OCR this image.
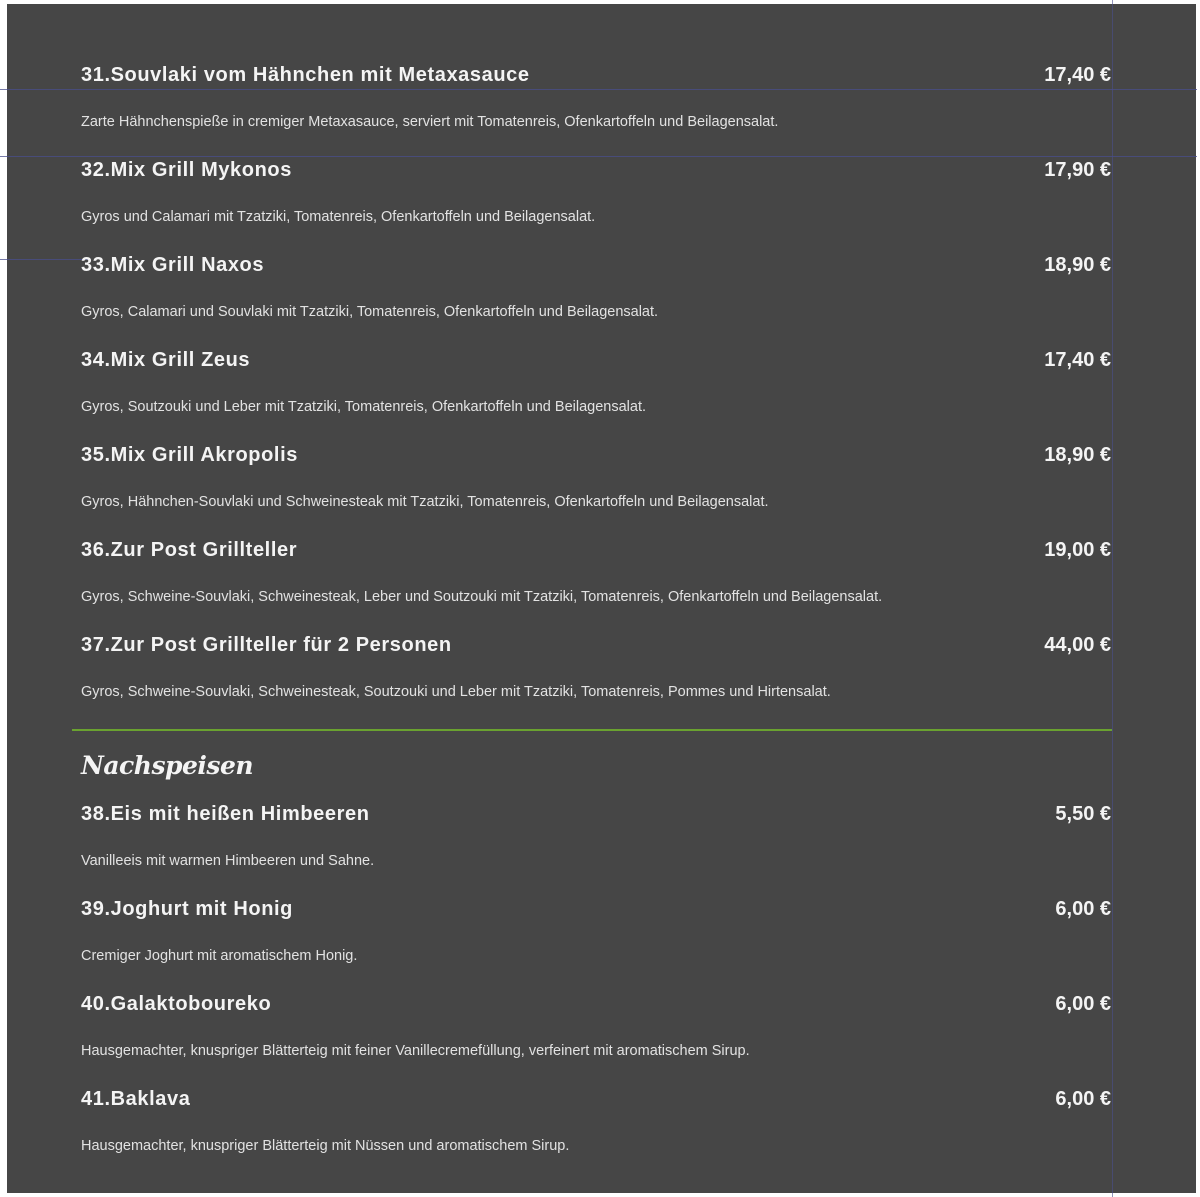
31.Souvlaki vom Hähnchen mit Metaxasauce	17,40 €
Zarte Hähnchenspieße in cremiger Metaxasauce, serviert mit Tomatenreis, Ofenkartoffeln und Beilagensalat.
32.Mix Grill Mykonos	17,90 €
Gyros und Calamari mit Tzatziki, Tomatenreis, Ofenkartoffeln und Beilagensalat.
33.Mix Grill Naxos	18,90 €
Gyros, Calamari und Souvlaki mit Tzatziki, Tomatenreis, Ofenkartoffeln und Beilagensalat.
34.Mix Grill Zeus	17,40 €
Gyros, Soutzouki und Leber mit Tzatziki, Tomatenreis, Ofenkartoffeln und Beilagensalat.
35.Mix Grill Akropolis	18,90 €
Gyros, Hähnchen-Souvlaki und Schweinesteak mit Tzatziki, Tomatenreis, Ofenkartoffeln und Beilagensalat.
36.Zur Post Grillteller	19,00 €
Gyros, Schweine-Souvlaki, Schweinesteak, Leber und Soutzouki mit Tzatziki, Tomatenreis, Ofenkartoffeln und Beilagensalat.
37.Zur Post Grillteller für 2 Personen	44,00 €
Gyros, Schweine-Souvlaki, Schweinesteak, Soutzouki und Leber mit Tzatziki, Tomatenreis, Pommes und Hirtensalat.
Nachspeisen
38.Eis mit heißen Himbeeren	5,50 €
Vanilleeis mit warmen Himbeeren und Sahne.
39.Joghurt mit Honig	6,00 €
Cremiger Joghurt mit aromatischem Honig.
40.Galaktoboureko	6,00 €
Hausgemachter, knuspriger Blätterteig mit feiner Vanillecremefüllung, verfeinert mit aromatischem Sirup.
41.Baklava	6,00 €
Hausgemachter, knuspriger Blätterteig mit Nüssen und aromatischem Sirup.
